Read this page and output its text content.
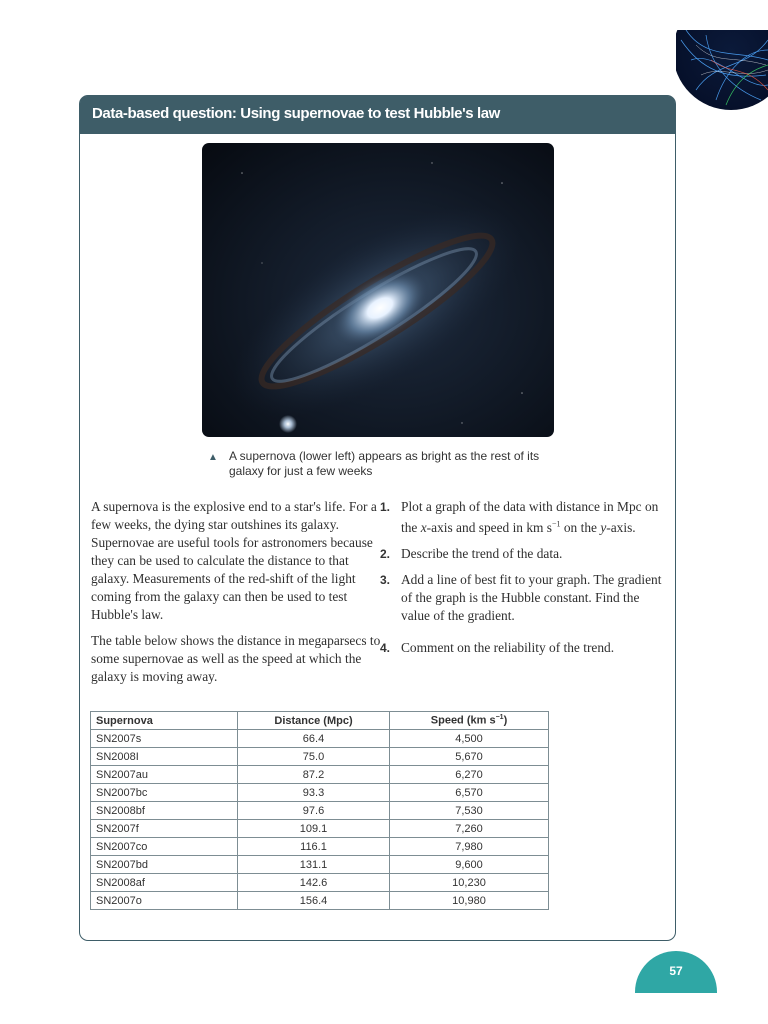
Data-based question: Using supernovae to test Hubble's law
▲ A supernova (lower left) appears as bright as the rest of its galaxy for just a few weeks

A supernova is the explosive end to a star's life. For a few weeks, the dying star outshines its galaxy. Supernovae are useful tools for astronomers because they can be used to calculate the distance to that galaxy. Measurements of the red-shift of the light coming from the galaxy can then be used to test Hubble's law.

The table below shows the distance in megaparsecs to some supernovae as well as the speed at which the galaxy is moving away.

1. Plot a graph of the data with distance in Mpc on the x-axis and speed in km $s^{-1}$ on the y-axis.
2. Describe the trend of the data.
3. Add a line of best fit to your graph. The gradient of the graph is the Hubble constant. Find the value of the gradient.
4. Comment on the reliability of the trend.
Supernova	Distance (Mpc)	Speed (km $s^{-1}$)
SN2007s	66.4	4,500
SN2008I	75.0	5,670
SN2007au	87.2	6,270
SN2007bc	93.3	6,570
SN2008bf	97.6	7,530
SN2007f	109.1	7,260
SN2007co	116.1	7,980
SN2007bd	131.1	9,600
SN2008af	142.6	10,230
SN2007o	156.4	10,980
57
